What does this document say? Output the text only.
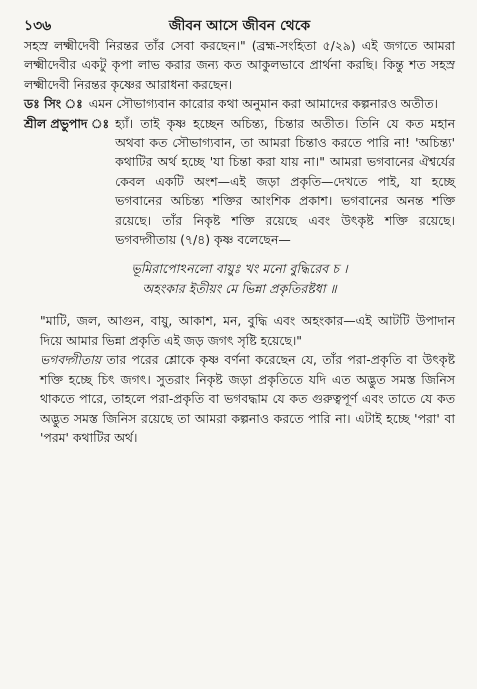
১৩৬	জীবন আসে জীবন থেকে

সহস্র লক্ষ্মীদেবী নিরন্তর তাঁর সেবা করছেন।" (ব্রহ্ম-সংহিতা ৫/২৯) এই জগতে আমরা লক্ষ্মীদেবীর একটু কৃপা লাভ করার জন্য কত আকুলভাবে প্রার্থনা করছি। কিন্তু শত সহস্র লক্ষ্মীদেবী নিরন্তর কৃষ্ণের আরাধনা করছেন।

ডঃ সিং ঃ এমন সৌভাগ্যবান কারোর কথা অনুমান করা আমাদের কল্পনারও অতীত।
শ্রীল প্রভুপাদ ঃ হ্যাঁ। তাই কৃষ্ণ হচ্ছেন অচিন্ত্য, চিন্তার অতীত। তিনি যে কত মহান অথবা কত সৌভাগ্যবান, তা আমরা চিন্তাও করতে পারি না! 'অচিন্ত্য' কথাটির অর্থ হচ্ছে 'যা চিন্তা করা যায় না।" আমরা ভগবানের ঐশ্বর্যের কেবল একটি অংশ—এই জড়া প্রকৃতি—দেখতে পাই, যা হচ্ছে ভগবানের অচিন্ত্য শক্তির আংশিক প্রকাশ। ভগবানের অনন্ত শক্তি রয়েছে। তাঁর নিকৃষ্ট শক্তি রয়েছে এবং উৎকৃষ্ট শক্তি রয়েছে। ভগবদ্গীতায় (৭/৪) কৃষ্ণ বলেছেন—
ভূমিরাপোঽনলো বায়ুঃ খং মনো বুদ্ধিরেব চ ।
অহংকার ইতীয়ং মে ভিন্না প্রকৃতিরষ্টধা ॥

"মাটি, জল, আগুন, বায়ু, আকাশ, মন, বুদ্ধি এবং অহংকার—এই আটটি উপাদান দিয়ে আমার ভিন্না প্রকৃতি এই জড় জগৎ সৃষ্টি হয়েছে।"

ভগবদ্গীতায় তার পরের শ্লোকে কৃষ্ণ বর্ণনা করেছেন যে, তাঁর পরা-প্রকৃতি বা উৎকৃষ্ট শক্তি হচ্ছে চিৎ জগৎ। সুতরাং নিকৃষ্ট জড়া প্রকৃতিতে যদি এত অদ্ভুত সমস্ত জিনিস থাকতে পারে, তাহলে পরা-প্রকৃতি বা ভগবদ্ধাম যে কত গুরুত্বপূর্ণ এবং তাতে যে কত অদ্ভুত সমস্ত জিনিস রয়েছে তা আমরা কল্পনাও করতে পারি না। এটাই হচ্ছে 'পরা' বা 'পরম' কথাটির অর্থ।
